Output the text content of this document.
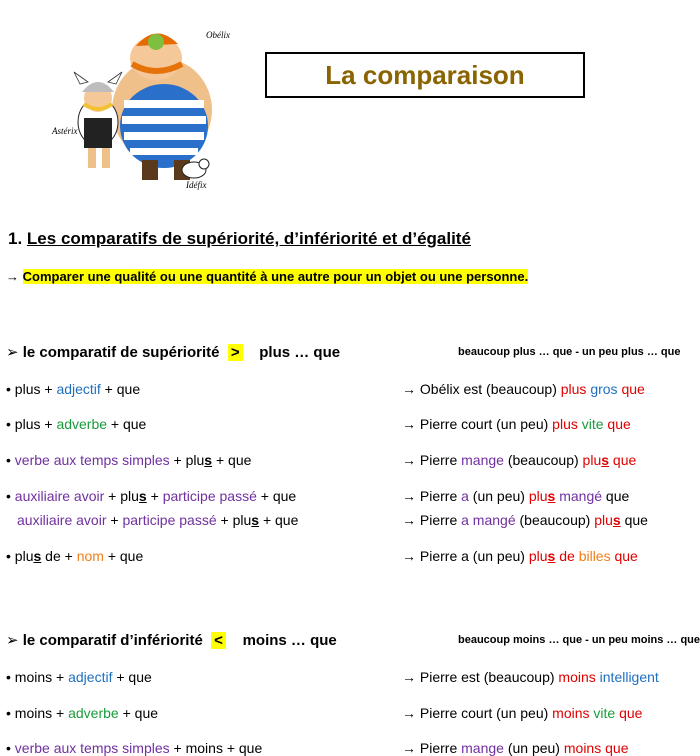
Obélix
Astérix
Idéfix
La comparaison
1. Les comparatifs de supériorité, d’infériorité et d’égalité
→ Comparer une qualité ou une quantité à une autre pour un objet ou une personne.
➢ le comparatif de supériorité > plus … que	beaucoup plus … que - un peu plus … que
• plus + adjectif + que
• plus + adverbe + que
• verbe aux temps simples + plus + que
• auxiliaire avoir + plus + participe passé + que
auxiliaire avoir + participe passé + plus + que
• plus de + nom + que
→ Obélix est (beaucoup) plus gros que
→ Pierre court (un peu) plus vite que
→ Pierre mange (beaucoup) plus que
→ Pierre a (un peu) plus mangé que
→ Pierre a mangé (beaucoup) plus que
→ Pierre a (un peu) plus de billes que
➢ le comparatif d’infériorité < moins … que	beaucoup moins … que - un peu moins … que
• moins + adjectif + que
• moins + adverbe + que
• verbe aux temps simples + moins + que
→ Pierre est (beaucoup) moins intelligent
→ Pierre court (un peu) moins vite que
→ Pierre mange (un peu) moins que
